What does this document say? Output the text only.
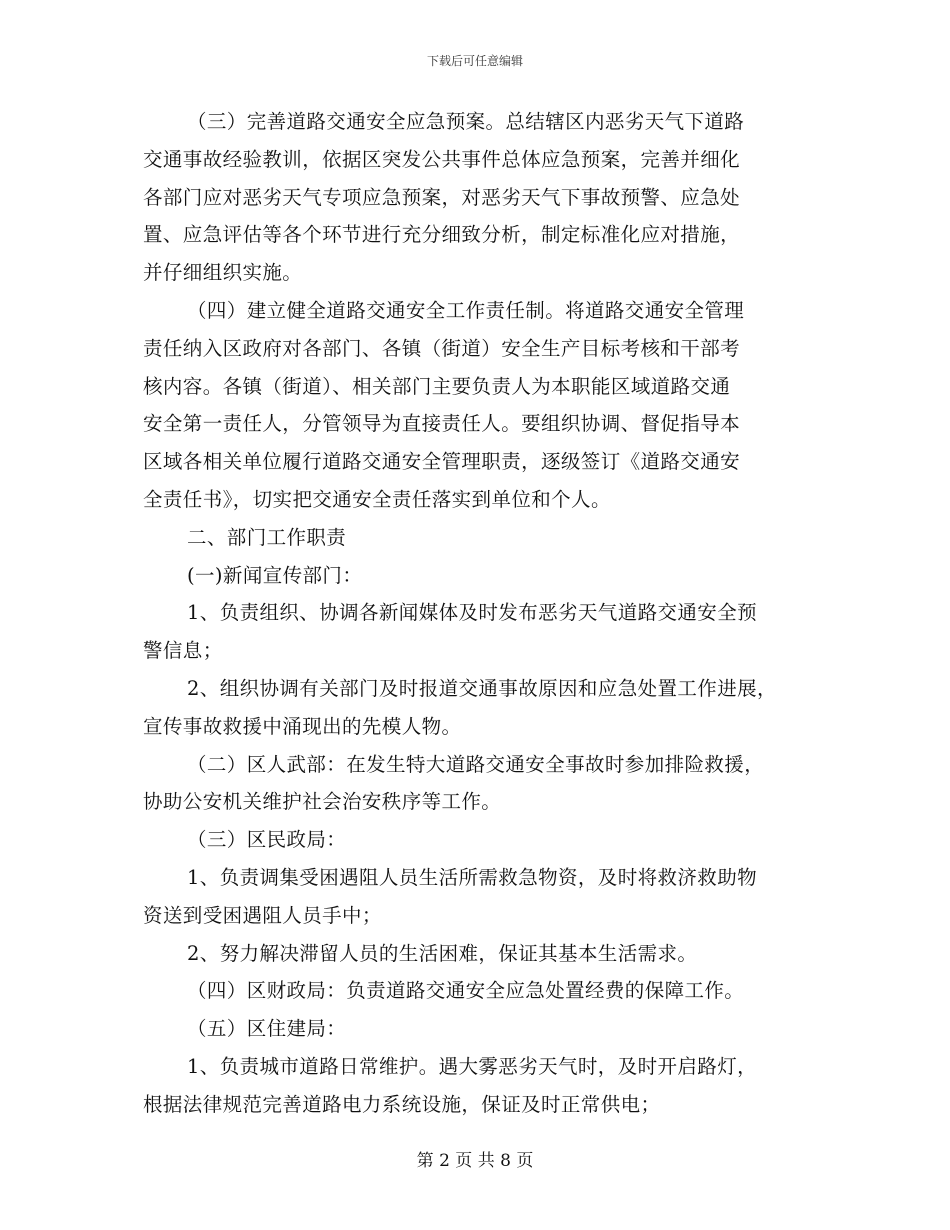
下载后可任意编辑
（三）完善道路交通安全应急预案。总结辖区内恶劣天气下道路
交通事故经验教训，依据区突发公共事件总体应急预案，完善并细化
各部门应对恶劣天气专项应急预案，对恶劣天气下事故预警、应急处
置、应急评估等各个环节进行充分细致分析，制定标准化应对措施，
并仔细组织实施。
（四）建立健全道路交通安全工作责任制。将道路交通安全管理
责任纳入区政府对各部门、各镇（街道）安全生产目标考核和干部考
核内容。各镇（街道）、相关部门主要负责人为本职能区域道路交通
安全第一责任人，分管领导为直接责任人。要组织协调、督促指导本
区域各相关单位履行道路交通安全管理职责，逐级签订《道路交通安
全责任书》，切实把交通安全责任落实到单位和个人。
二、部门工作职责
(一)新闻宣传部门：
1、负责组织、协调各新闻媒体及时发布恶劣天气道路交通安全预
警信息；
2、组织协调有关部门及时报道交通事故原因和应急处置工作进展，
宣传事故救援中涌现出的先模人物。
（二）区人武部：在发生特大道路交通安全事故时参加排险救援，
协助公安机关维护社会治安秩序等工作。
（三）区民政局：
1、负责调集受困遇阻人员生活所需救急物资，及时将救济救助物
资送到受困遇阻人员手中；
2、努力解决滞留人员的生活困难，保证其基本生活需求。
（四）区财政局：负责道路交通安全应急处置经费的保障工作。
（五）区住建局：
1、负责城市道路日常维护。遇大雾恶劣天气时，及时开启路灯，
根据法律规范完善道路电力系统设施，保证及时正常供电；
第 2 页 共 8 页
